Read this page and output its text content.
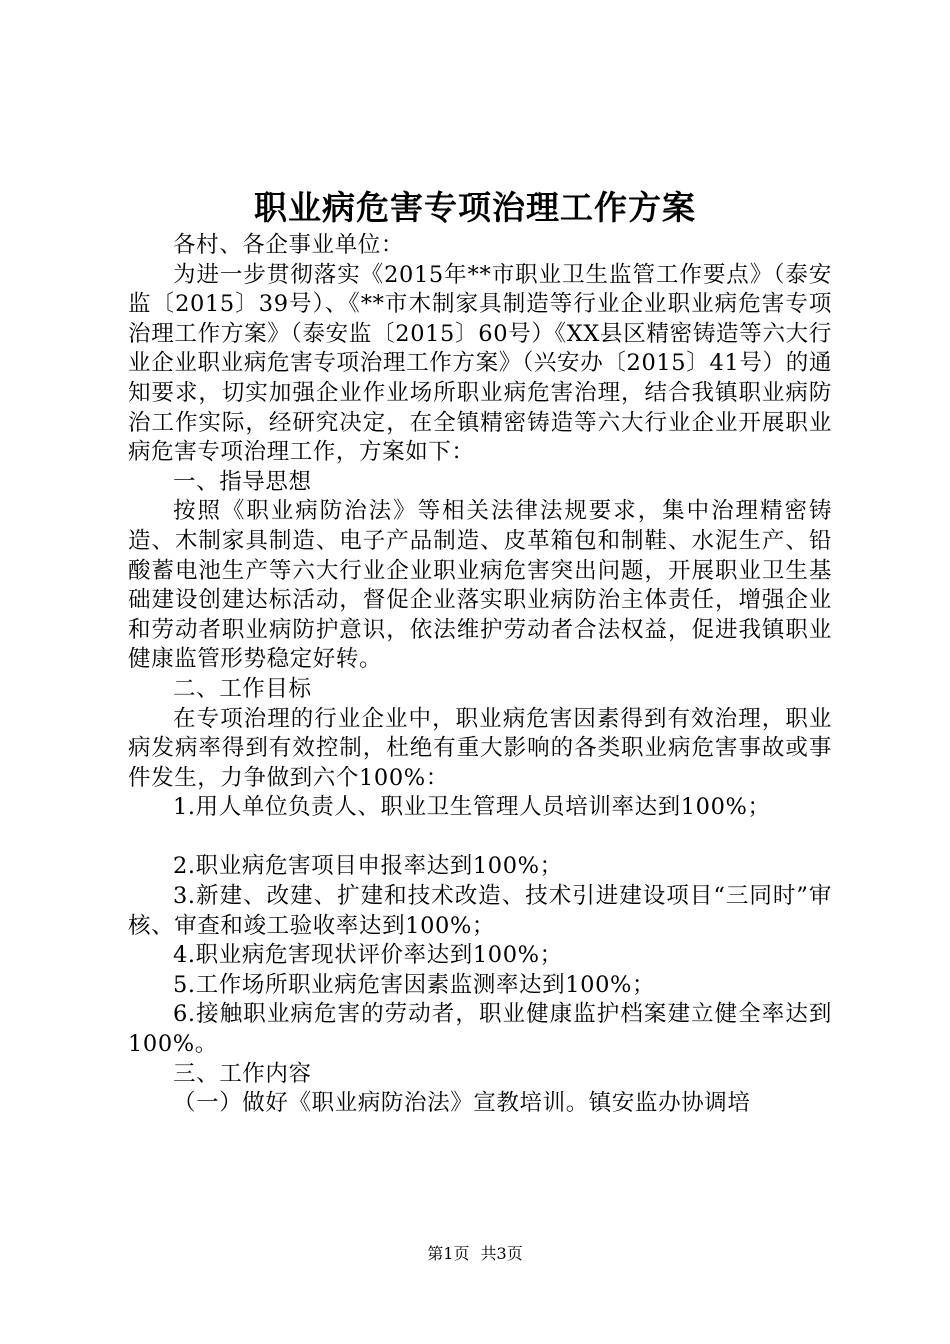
职业病危害专项治理工作方案

各村、各企事业单位：

为进一步贯彻落实《2015年**市职业卫生监管工作要点》（泰安监〔2015〕39号）、《**市木制家具制造等行业企业职业病危害专项治理工作方案》（泰安监〔2015〕60号）《XX县区精密铸造等六大行业企业职业病危害专项治理工作方案》（兴安办〔2015〕41号）的通知要求，切实加强企业作业场所职业病危害治理，结合我镇职业病防治工作实际，经研究决定，在全镇精密铸造等六大行业企业开展职业病危害专项治理工作，方案如下：

一、指导思想

按照《职业病防治法》等相关法律法规要求，集中治理精密铸造、木制家具制造、电子产品制造、皮革箱包和制鞋、水泥生产、铅酸蓄电池生产等六大行业企业职业病危害突出问题，开展职业卫生基础建设创建达标活动，督促企业落实职业病防治主体责任，增强企业和劳动者职业病防护意识，依法维护劳动者合法权益，促进我镇职业健康监管形势稳定好转。

二、工作目标

在专项治理的行业企业中，职业病危害因素得到有效治理，职业病发病率得到有效控制，杜绝有重大影响的各类职业病危害事故或事件发生，力争做到六个100%：

1.用人单位负责人、职业卫生管理人员培训率达到100%；

2.职业病危害项目申报率达到100%；

3.新建、改建、扩建和技术改造、技术引进建设项目“三同时”审核、审查和竣工验收率达到100%；

4.职业病危害现状评价率达到100%；

5.工作场所职业病危害因素监测率达到100%；

6.接触职业病危害的劳动者，职业健康监护档案建立健全率达到100%。

三、工作内容

（一）做好《职业病防治法》宣教培训。镇安监办协调培

第1页 共3页
